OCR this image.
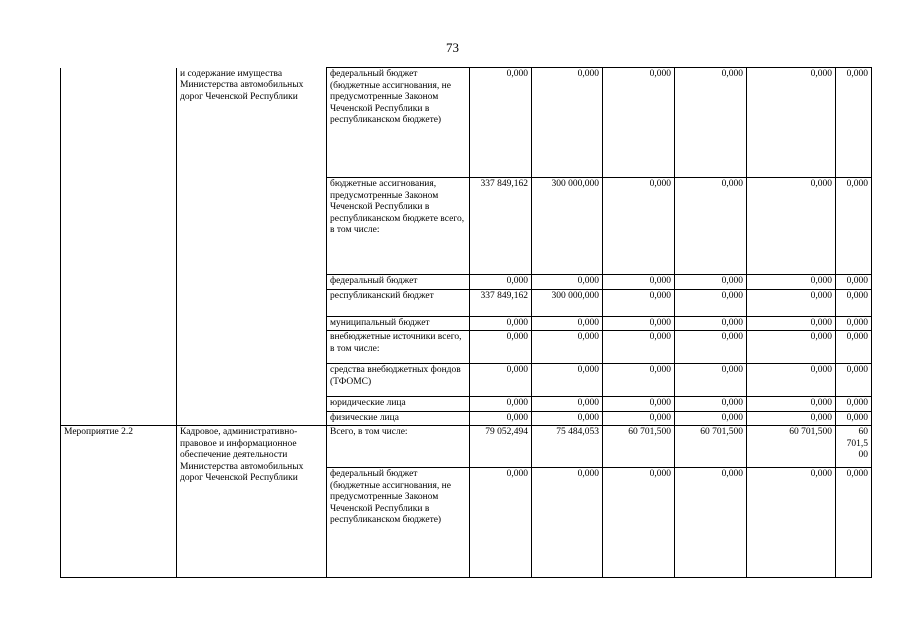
73
	и содержание имущества Министерства автомобильных дорог Чеченской Республики	федеральный бюджет (бюджетные ассигнования, не предусмотренные Законом Чеченской Республики в республиканском бюджете)	0,000	0,000	0,000	0,000	0,000	0,000
		бюджетные ассигнования, предусмотренные Законом Чеченской Республики в республиканском бюджете всего, в том числе:	337 849,162	300 000,000	0,000	0,000	0,000	0,000
		федеральный бюджет	0,000	0,000	0,000	0,000	0,000	0,000
		республиканский бюджет	337 849,162	300 000,000	0,000	0,000	0,000	0,000
		муниципальный бюджет	0,000	0,000	0,000	0,000	0,000	0,000
		внебюджетные источники всего, в том числе:	0,000	0,000	0,000	0,000	0,000	0,000
		средства внебюджетных фондов (ТФОМС)	0,000	0,000	0,000	0,000	0,000	0,000
		юридические лица	0,000	0,000	0,000	0,000	0,000	0,000
		физические лица	0,000	0,000	0,000	0,000	0,000	0,000
Мероприятие 2.2	Кадровое, административно-правовое и информационное обеспечение деятельности Министерства автомобильных дорог Чеченской Республики	Всего, в том числе:	79 052,494	75 484,053	60 701,500	60 701,500	60 701,500	60 701,5 00
		федеральный бюджет (бюджетные ассигнования, не предусмотренные Законом Чеченской Республики в республиканском бюджете)	0,000	0,000	0,000	0,000	0,000	0,000
